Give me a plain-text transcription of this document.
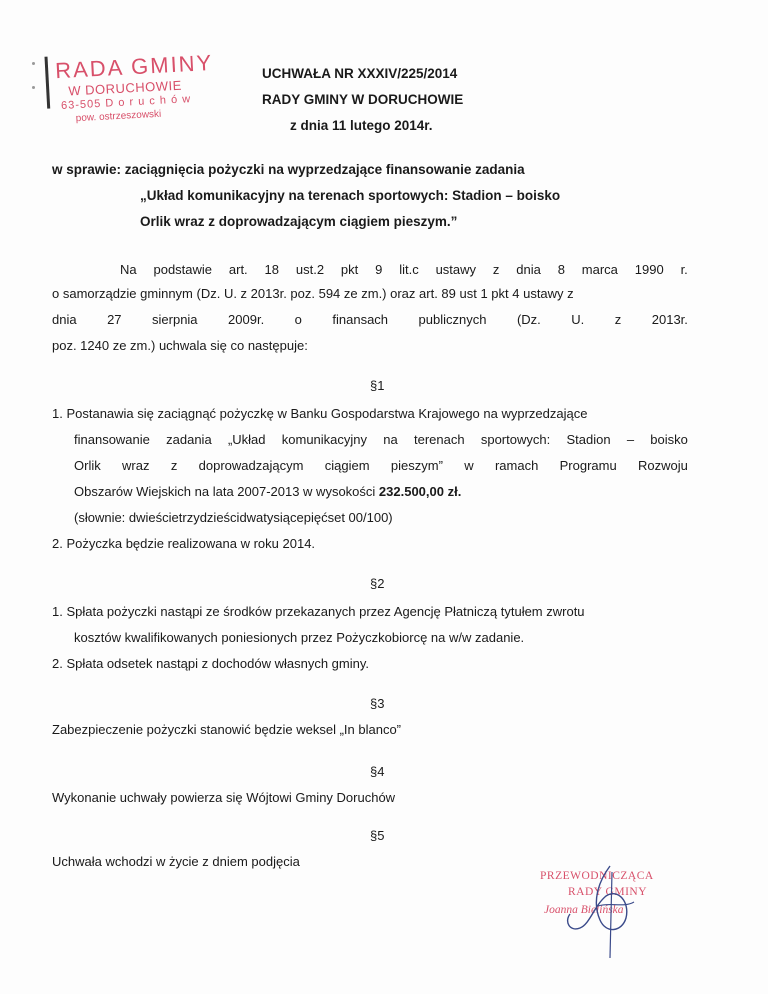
RADA GMINY
W DORUCHOWIE
63-505 D o r u c h ó w
pow. ostrzeszowski
UCHWAŁA NR XXXIV/225/2014
RADY GMINY W DORUCHOWIE
z dnia 11 lutego 2014r.
w sprawie: zaciągnięcia pożyczki na wyprzedzające finansowanie zadania
„Układ komunikacyjny na terenach sportowych: Stadion – boisko
Orlik wraz z doprowadzającym ciągiem pieszym.”
Na podstawie art. 18 ust.2 pkt 9 lit.c ustawy z dnia 8 marca 1990 r.
o samorządzie gminnym (Dz. U. z 2013r. poz. 594 ze zm.) oraz art. 89 ust 1 pkt 4 ustawy z
dnia 27 sierpnia 2009r. o finansach publicznych (Dz. U. z 2013r.
poz. 1240 ze zm.) uchwala się co następuje:
§1
1. Postanawia się zaciągnąć pożyczkę w Banku Gospodarstwa Krajowego na wyprzedzające
finansowanie zadania „Układ komunikacyjny na terenach sportowych: Stadion – boisko
Orlik wraz z doprowadzającym ciągiem pieszym” w ramach Programu Rozwoju
Obszarów Wiejskich na lata 2007-2013 w wysokości 232.500,00 zł.
(słownie: dwieścietrzydzieścidwatysiącepięćset 00/100)
2. Pożyczka będzie realizowana w roku 2014.
§2
1. Spłata pożyczki nastąpi ze środków przekazanych przez Agencję Płatniczą tytułem zwrotu
kosztów kwalifikowanych poniesionych przez Pożyczkobiorcę na w/w zadanie.
2. Spłata odsetek nastąpi z dochodów własnych gminy.
§3
Zabezpieczenie pożyczki stanowić będzie weksel „In blanco”
§4
Wykonanie uchwały powierza się Wójtowi Gminy Doruchów
§5
Uchwała wchodzi w życie z dniem podjęcia
PRZEWODNICZĄCA
RADY GMINY
Joanna Bielińska
